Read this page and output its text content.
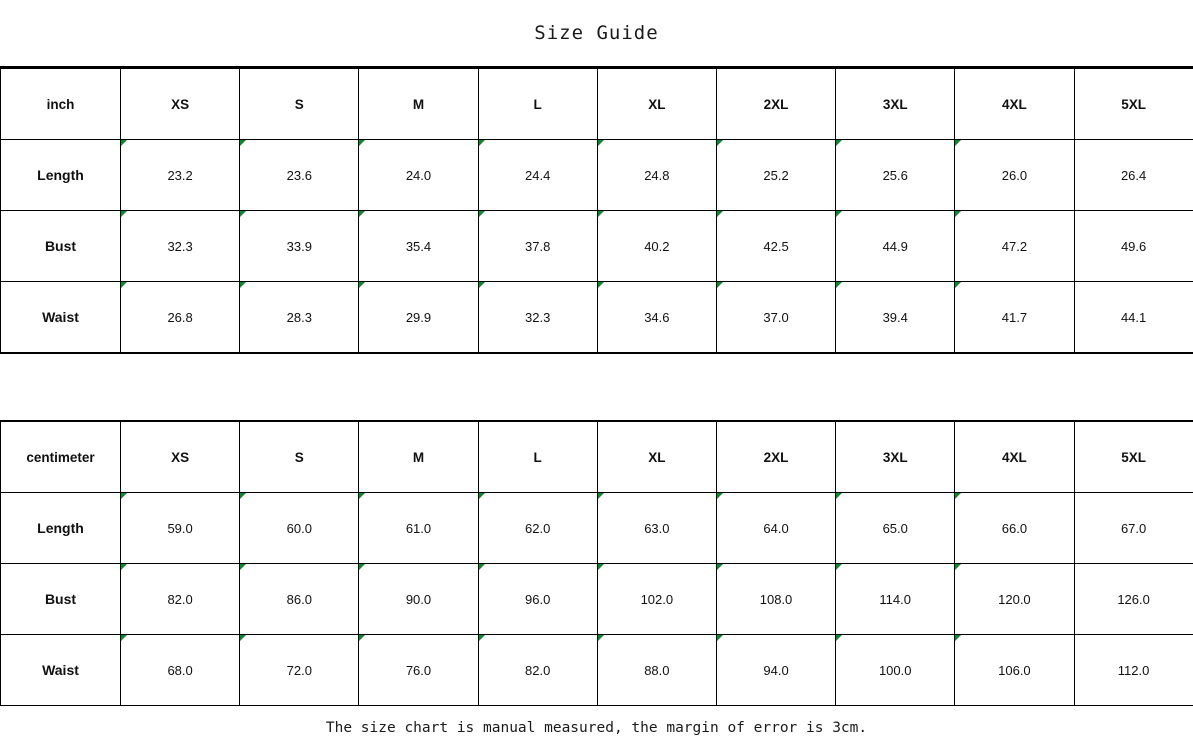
Size Guide
inch	XS	S	M	L	XL	2XL	3XL	4XL	5XL
Length	23.2	23.6	24.0	24.4	24.8	25.2	25.6	26.0	26.4
Bust	32.3	33.9	35.4	37.8	40.2	42.5	44.9	47.2	49.6
Waist	26.8	28.3	29.9	32.3	34.6	37.0	39.4	41.7	44.1
centimeter	XS	S	M	L	XL	2XL	3XL	4XL	5XL
Length	59.0	60.0	61.0	62.0	63.0	64.0	65.0	66.0	67.0
Bust	82.0	86.0	90.0	96.0	102.0	108.0	114.0	120.0	126.0
Waist	68.0	72.0	76.0	82.0	88.0	94.0	100.0	106.0	112.0
The size chart is manual measured, the margin of error is 3cm.
